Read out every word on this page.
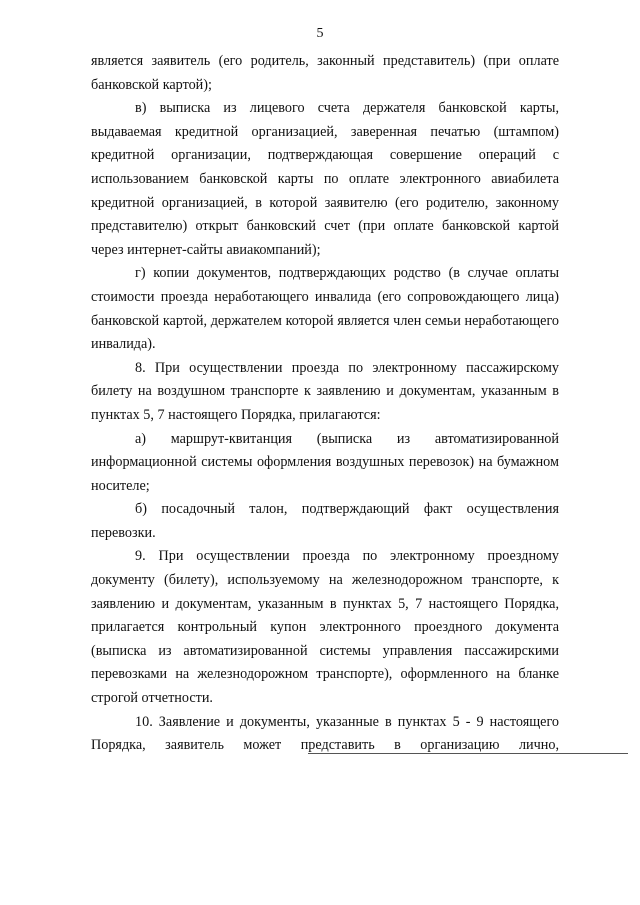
5

является заявитель (его родитель, законный представитель) (при оплате банковской картой);

в) выписка из лицевого счета держателя банковской карты, выдаваемая кредитной организацией, заверенная печатью (штампом) кредитной организации, подтверждающая совершение операций с использованием банковской карты по оплате электронного авиабилета кредитной организацией, в которой заявителю (его родителю, законному представителю) открыт банковский счет (при оплате банковской картой через интернет-сайты авиакомпаний);

г) копии документов, подтверждающих родство (в случае оплаты стоимости проезда неработающего инвалида (его сопровождающего лица) банковской картой, держателем которой является член семьи неработающего инвалида).

8. При осуществлении проезда по электронному пассажирскому билету на воздушном транспорте к заявлению и документам, указанным в пунктах 5, 7 настоящего Порядка, прилагаются:

а) маршрут-квитанция (выписка из автоматизированной информационной системы оформления воздушных перевозок) на бумажном носителе;

б) посадочный талон, подтверждающий факт осуществления перевозки.

9. При осуществлении проезда по электронному проездному документу (билету), используемому на железнодорожном транспорте, к заявлению и документам, указанным в пунктах 5, 7 настоящего Порядка, прилагается контрольный купон электронного проездного документа (выписка из автоматизированной системы управления пассажирскими перевозками на железнодорожном транспорте), оформленного на бланке строгой отчетности.

10. Заявление и документы, указанные в пунктах 5 - 9 настоящего Порядка, заявитель может представить в организацию лично,
